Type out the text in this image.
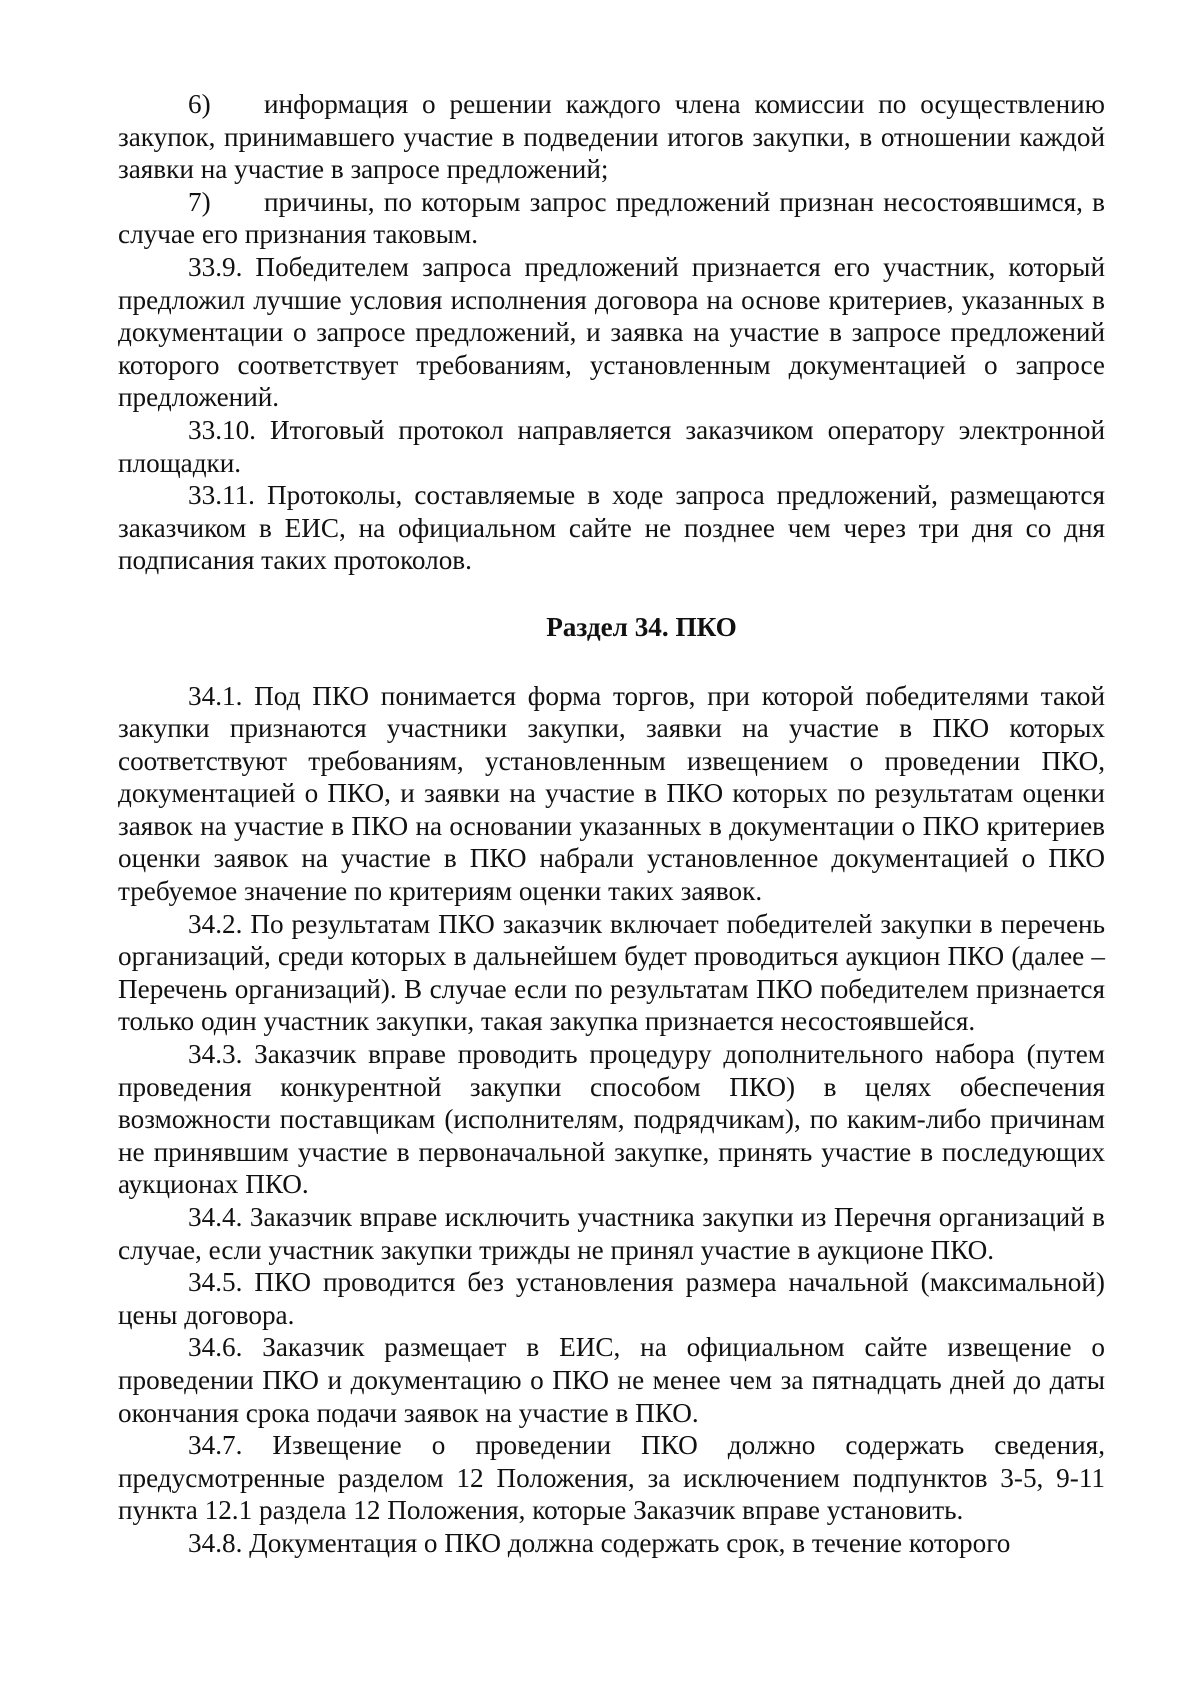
6) информация о решении каждого члена комиссии по осуществлению закупок, принимавшего участие в подведении итогов закупки, в отношении каждой заявки на участие в запросе предложений;

7) причины, по которым запрос предложений признан несостоявшимся, в случае его признания таковым.

33.9. Победителем запроса предложений признается его участник, который предложил лучшие условия исполнения договора на основе критериев, указанных в документации о запросе предложений, и заявка на участие в запросе предложений которого соответствует требованиям, установленным документацией о запросе предложений.

33.10. Итоговый протокол направляется заказчиком оператору электронной площадки.

33.11. Протоколы, составляемые в ходе запроса предложений, размещаются заказчиком в ЕИС, на официальном сайте не позднее чем через три дня со дня подписания таких протоколов.

Раздел 34. ПКО

34.1. Под ПКО понимается форма торгов, при которой победителями такой закупки признаются участники закупки, заявки на участие в ПКО которых соответствуют требованиям, установленным извещением о проведении ПКО, документацией о ПКО, и заявки на участие в ПКО которых по результатам оценки заявок на участие в ПКО на основании указанных в документации о ПКО критериев оценки заявок на участие в ПКО набрали установленное документацией о ПКО требуемое значение по критериям оценки таких заявок.

34.2. По результатам ПКО заказчик включает победителей закупки в перечень организаций, среди которых в дальнейшем будет проводиться аукцион ПКО (далее – Перечень организаций). В случае если по результатам ПКО победителем признается только один участник закупки, такая закупка признается несостоявшейся.

34.3. Заказчик вправе проводить процедуру дополнительного набора (путем проведения конкурентной закупки способом ПКО) в целях обеспечения возможности поставщикам (исполнителям, подрядчикам), по каким-либо причинам не принявшим участие в первоначальной закупке, принять участие в последующих аукционах ПКО.

34.4. Заказчик вправе исключить участника закупки из Перечня организаций в случае, если участник закупки трижды не принял участие в аукционе ПКО.

34.5. ПКО проводится без установления размера начальной (максимальной) цены договора.

34.6. Заказчик размещает в ЕИС, на официальном сайте извещение о проведении ПКО и документацию о ПКО не менее чем за пятнадцать дней до даты окончания срока подачи заявок на участие в ПКО.

34.7. Извещение о проведении ПКО должно содержать сведения, предусмотренные разделом 12 Положения, за исключением подпунктов 3-5, 9-11 пункта 12.1 раздела 12 Положения, которые Заказчик вправе установить.

34.8. Документация о ПКО должна содержать срок, в течение которого
